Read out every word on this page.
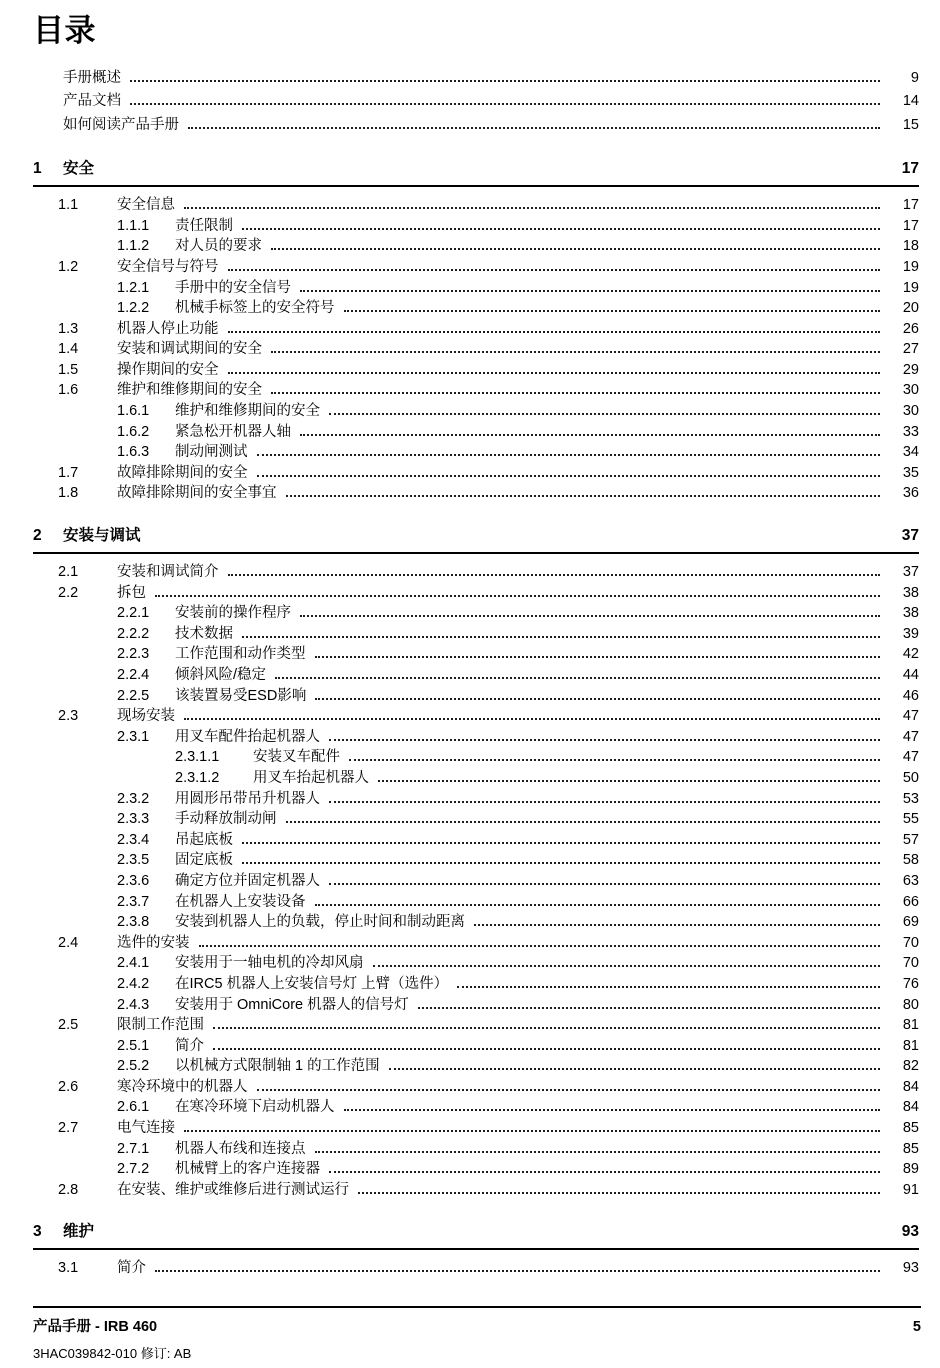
目录
手册概述	9
产品文档	14
如何阅读产品手册	15
1	安全	17
1.1	安全信息	17
1.1.1	责任限制	17
1.1.2	对人员的要求	18
1.2	安全信号与符号	19
1.2.1	手册中的安全信号	19
1.2.2	机械手标签上的安全符号	20
1.3	机器人停止功能	26
1.4	安装和调试期间的安全	27
1.5	操作期间的安全	29
1.6	维护和维修期间的安全	30
1.6.1	维护和维修期间的安全	30
1.6.2	紧急松开机器人轴	33
1.6.3	制动闸测试	34
1.7	故障排除期间的安全	35
1.8	故障排除期间的安全事宜	36
2	安装与调试	37
2.1	安装和调试简介	37
2.2	拆包	38
2.2.1	安装前的操作程序	38
2.2.2	技术数据	39
2.2.3	工作范围和动作类型	42
2.2.4	倾斜风险/稳定	44
2.2.5	该装置易受ESD影响	46
2.3	现场安装	47
2.3.1	用叉车配件抬起机器人	47
2.3.1.1	安装叉车配件	47
2.3.1.2	用叉车抬起机器人	50
2.3.2	用圆形吊带吊升机器人	53
2.3.3	手动释放制动闸	55
2.3.4	吊起底板	57
2.3.5	固定底板	58
2.3.6	确定方位并固定机器人	63
2.3.7	在机器人上安装设备	66
2.3.8	安装到机器人上的负载，停止时间和制动距离	69
2.4	选件的安装	70
2.4.1	安装用于一轴电机的冷却风扇	70
2.4.2	在IRC5 机器人上安装信号灯 上臂（选件）	76
2.4.3	安装用于 OmniCore 机器人的信号灯	80
2.5	限制工作范围	81
2.5.1	简介	81
2.5.2	以机械方式限制轴 1 的工作范围	82
2.6	寒冷环境中的机器人	84
2.6.1	在寒冷环境下启动机器人	84
2.7	电气连接	85
2.7.1	机器人布线和连接点	85
2.7.2	机械臂上的客户连接器	89
2.8	在安装、维护或维修后进行测试运行	91
3	维护	93
3.1	简介	93
产品手册 - IRB 460	5
3HAC039842-010 修订: AB
